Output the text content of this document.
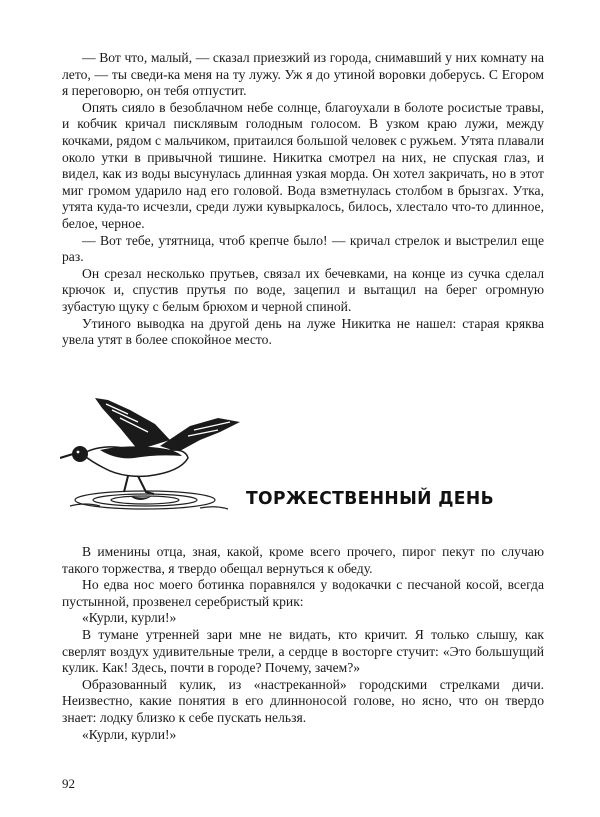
— Вот что, малый, — сказал приезжий из города, снимавший у них комнату на лето, — ты сведи-ка меня на ту лужу. Уж я до утиной воровки доберусь. С Егором я переговорю, он тебя отпустит.

Опять сияло в безоблачном небе солнце, благоухали в болоте росистые травы, и кобчик кричал писклявым голодным голосом. В узком краю лужи, между кочками, рядом с мальчиком, притаился большой человек с ружьем. Утята плавали около утки в привычной тишине. Никитка смотрел на них, не спуская глаз, и видел, как из воды высунулась длинная узкая морда. Он хотел закричать, но в этот миг громом ударило над его головой. Вода взметнулась столбом в брызгах. Утка, утята куда-то исчезли, среди лужи кувыркалось, билось, хлестало что-то длинное, белое, черное.

— Вот тебе, утятница, чтоб крепче было! — кричал стрелок и выстрелил еще раз.

Он срезал несколько прутьев, связал их бечевками, на конце из сучка сделал крючок и, спустив прутья по воде, зацепил и вытащил на берег огромную зубастую щуку с белым брюхом и черной спиной.

Утиного выводка на другой день на луже Никитка не нашел: старая кряква увела утят в более спокойное место.

ТОРЖЕСТВЕННЫЙ ДЕНЬ

В именины отца, зная, какой, кроме всего прочего, пирог пекут по случаю такого торжества, я твердо обещал вернуться к обеду.

Но едва нос моего ботинка поравнялся у водокачки с песчаной косой, всегда пустынной, прозвенел серебристый крик:

«Курли, курли!»

В тумане утренней зари мне не видать, кто кричит. Я только слышу, как сверлят воздух удивительные трели, а сердце в восторге стучит: «Это большущий кулик. Как! Здесь, почти в городе? Почему, зачем?»

Образованный кулик, из «настреканной» городскими стрелками дичи. Неизвестно, какие понятия в его длинноносой голове, но ясно, что он твердо знает: лодку близко к себе пускать нельзя.

«Курли, курли!»

92
